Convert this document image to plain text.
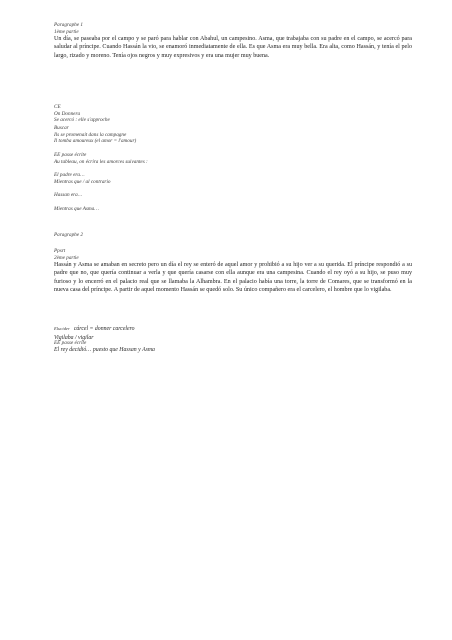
Paragraphe 1
1ème partie
Un día, se paseaba por el campo y se paró para hablar con Abahul, un campesino. Asma, que trabajaba con su padre en el campo, se acercó para saludar al príncipe. Cuando Hassán la vio, se enamoró inmediatamente de ella. Es que Asma era muy bella. Era alta, como Hassán, y tenía el pelo largo, rizado y moreno. Tenía ojos negros y muy expresivos y era una mujer muy buena.
CE
On Donnera
Se acercó : elle s'approche
Buscar
Ils se promenait dans la campagne
Il tomba amoureux (el amor = l'amour)
EE passe écrite
Au tableau, on écrira les amorces suivantes :
El padre era…
Mientras que / al contrario
Hassan era…
Mientras que Asma…
Paragraphe 2
Ppsrt
2ème partie
Hassán y Asma se amaban en secreto pero un día el rey se enteró de aquel amor y prohibió a su hijo ver a su querida. El príncipe respondió a su padre que no, que quería continuar a verla y que quería casarse con ella aunque era una campesina. Cuando el rey oyó a su hijo, se puso muy furioso y lo encerró en el palacio real que se llamaba la Alhambra. En el palacio había una torre, la torre de Comares, que se transformó en la nueva casa del príncipe. A partir de aquel momento Hassán se quedó solo. Su único compañero era el carcelero, el hombre que lo vigilaba.
Elucider cárcel = donner carcelero
Vigilaba / vigilar
EE passe écrite
El rey decidió… puesto que Hassan y Asma
